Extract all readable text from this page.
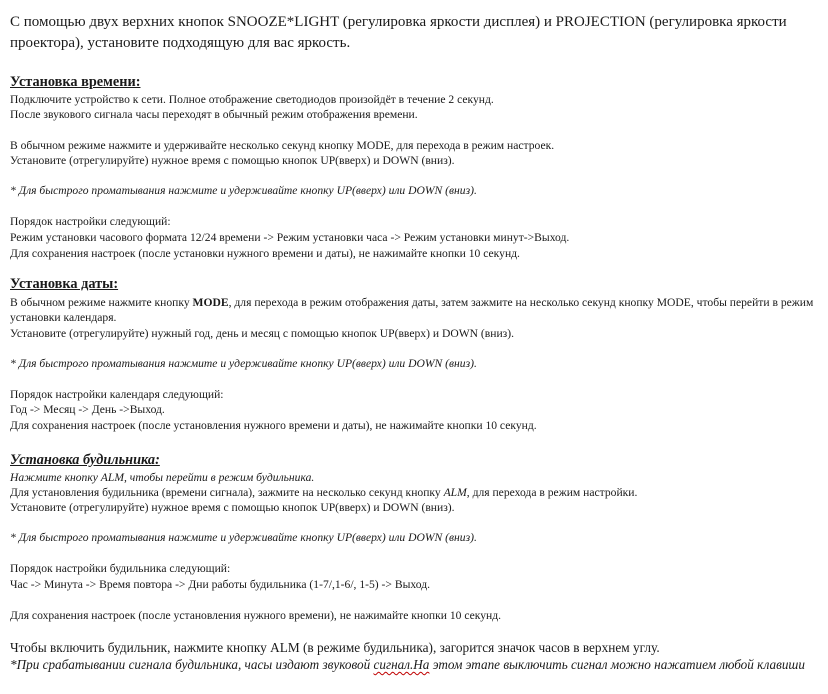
С помощью двух верхних кнопок SNOOZE*LIGHT (регулировка яркости дисплея) и PROJECTION (регулировка яркости
проектора), установите подходящую для вас яркость.
Установка времени:
Подключите устройство к сети. Полное отображение светодиодов произойдёт в течение 2 секунд.
После звукового сигнала часы переходят в обычный режим отображения времени.
В обычном режиме нажмите и удерживайте несколько секунд кнопку MODE, для перехода в режим настроек.
Установите (отрегулируйте) нужное время с помощью кнопок UP(вверх) и DOWN (вниз).
* Для быстрого проматывания нажмите и удерживайте кнопку UP(вверх) или DOWN (вниз).
Порядок настройки следующий:
Режим установки часового формата 12/24 времени -> Режим установки часа -> Режим установки минут->Выход.
Для сохранения настроек (после установки нужного времени и даты), не нажимайте кнопки 10 секунд.
Установка даты:
В обычном режиме нажмите кнопку MODE, для перехода в режим отображения даты, затем зажмите на несколько секунд кнопку MODE, чтобы перейти в режим
установки календаря.
Установите (отрегулируйте) нужный год, день и месяц с помощью кнопок UP(вверх) и DOWN (вниз).
* Для быстрого проматывания нажмите и удерживайте кнопку UP(вверх) или DOWN (вниз).
Порядок настройки календаря следующий:
Год -> Месяц -> День ->Выход.
Для сохранения настроек (после установления нужного времени и даты), не нажимайте кнопки 10 секунд.
Установка будильника:
Нажмите кнопку ALM, чтобы перейти в режим будильника.
Для установления будильника (времени сигнала), зажмите на несколько секунд кнопку ALM, для перехода в режим настройки.
Установите (отрегулируйте) нужное время с помощью кнопок UP(вверх) и DOWN (вниз).
* Для быстрого проматывания нажмите и удерживайте кнопку UP(вверх) или DOWN (вниз).
Порядок настройки будильника следующий:
Час -> Минута -> Время повтора -> Дни работы будильника (1-7/,1-6/, 1-5) -> Выход.
Для сохранения настроек (после установления нужного времени), не нажимайте кнопки 10 секунд.
Чтобы включить будильник, нажмите кнопку ALM (в режиме будильника), загорится значок часов в верхнем углу.
*При срабатывании сигнала будильника, часы издают звуковой сигнал.На этом этапе выключить сигнал можно нажатием любой клавиши
